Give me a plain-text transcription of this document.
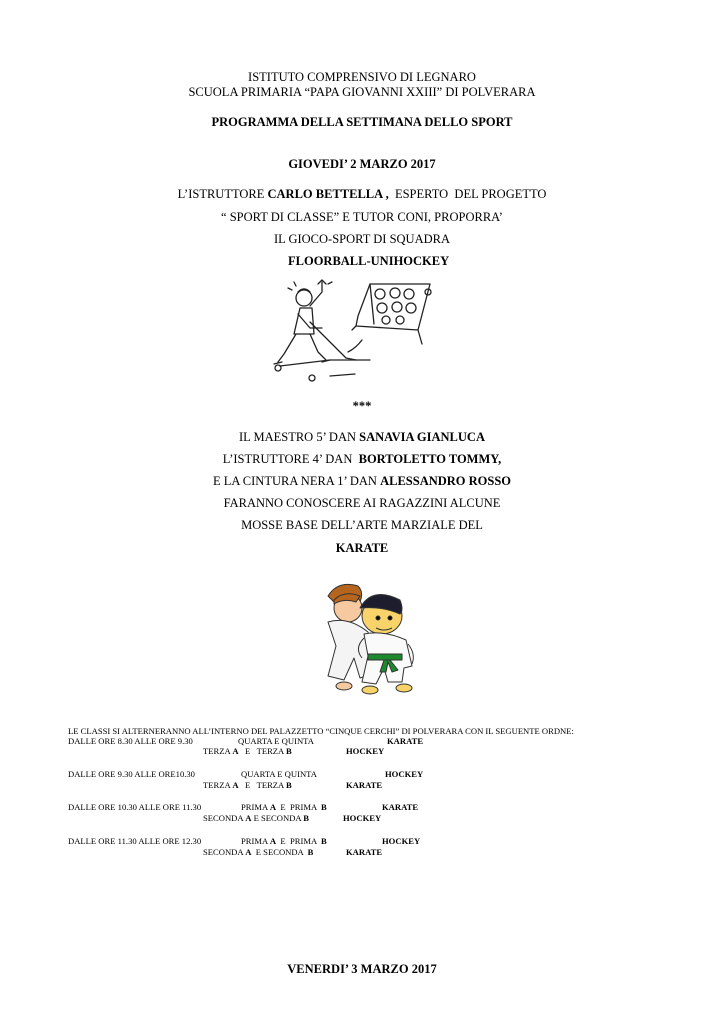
ISTITUTO COMPRENSIVO DI LEGNARO
SCUOLA PRIMARIA “PAPA GIOVANNI XXIII” DI POLVERARA
PROGRAMMA DELLA SETTIMANA DELLO SPORT
GIOVEDI’ 2 MARZO 2017
L’ISTRUTTORE CARLO BETTELLA ,  ESPERTO  DEL PROGETTO
“ SPORT DI CLASSE” E TUTOR CONI, PROPORRA’
IL GIOCO-SPORT DI SQUADRA
FLOORBALL-UNIHOCKEY
***
IL MAESTRO 5’ DAN SANAVIA GIANLUCA
L’ISTRUTTORE 4’ DAN  BORTOLETTO TOMMY,
E LA CINTURA NERA 1’ DAN ALESSANDRO ROSSO
FARANNO CONOSCERE AI RAGAZZINI ALCUNE
MOSSE BASE DELL’ARTE MARZIALE DEL
KARATE
LE CLASSI SI ALTERNERANNO ALL’INTERNO DEL PALAZZETTO “CINQUE CERCHI” DI POLVERARA CON IL SEGUENTE ORDNE:
DALLE ORE 8.30 ALLE ORE 9.30	QUARTA E QUINTA	KARATE
TERZA A   E   TERZA B	HOCKEY
DALLE ORE 9.30 ALLE ORE10.30	QUARTA E QUINTA	HOCKEY
TERZA A   E   TERZA B	KARATE
DALLE ORE 10.30 ALLE ORE 11.30	PRIMA A  E  PRIMA  B	KARATE
SECONDA A E SECONDA B	HOCKEY
DALLE ORE 11.30 ALLE ORE 12.30	PRIMA A  E  PRIMA  B	HOCKEY
SECONDA A  E SECONDA  B	KARATE
VENERDI’ 3 MARZO 2017
